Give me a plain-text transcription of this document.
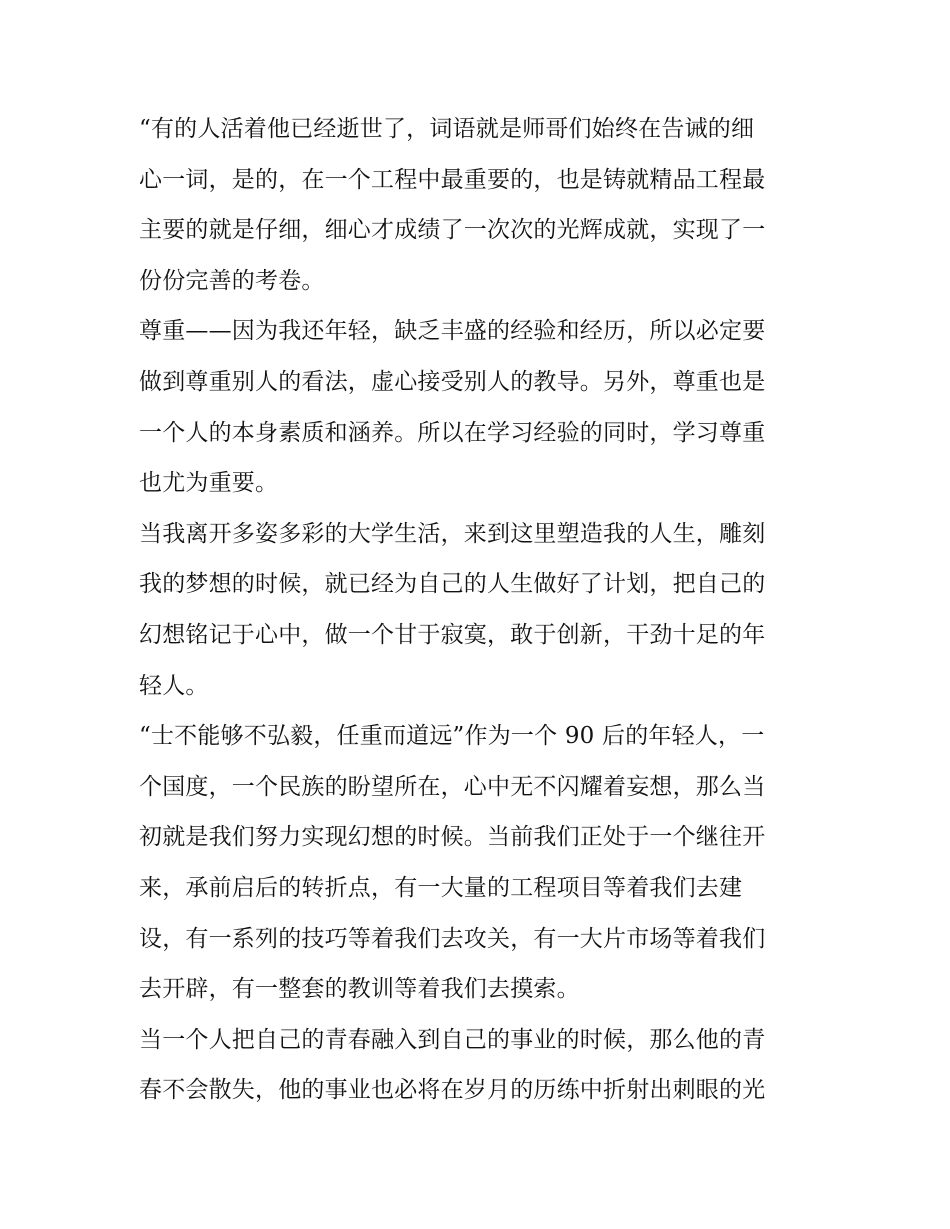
“有的人活着他已经逝世了，词语就是师哥们始终在告诫的细
心一词，是的，在一个工程中最重要的，也是铸就精品工程最
主要的就是仔细，细心才成绩了一次次的光辉成就，实现了一
份份完善的考卷。
尊重——因为我还年轻，缺乏丰盛的经验和经历，所以必定要
做到尊重别人的看法，虚心接受别人的教导。另外，尊重也是
一个人的本身素质和涵养。所以在学习经验的同时，学习尊重
也尤为重要。
当我离开多姿多彩的大学生活，来到这里塑造我的人生，雕刻
我的梦想的时候，就已经为自己的人生做好了计划，把自己的
幻想铭记于心中，做一个甘于寂寞，敢于创新，干劲十足的年
轻人。
“士不能够不弘毅，任重而道远”作为一个 90 后的年轻人，一
个国度，一个民族的盼望所在，心中无不闪耀着妄想，那么当
初就是我们努力实现幻想的时候。当前我们正处于一个继往开
来，承前启后的转折点，有一大量的工程项目等着我们去建
设，有一系列的技巧等着我们去攻关，有一大片市场等着我们
去开辟，有一整套的教训等着我们去摸索。
当一个人把自己的青春融入到自己的事业的时候，那么他的青
春不会散失，他的事业也必将在岁月的历练中折射出刺眼的光
